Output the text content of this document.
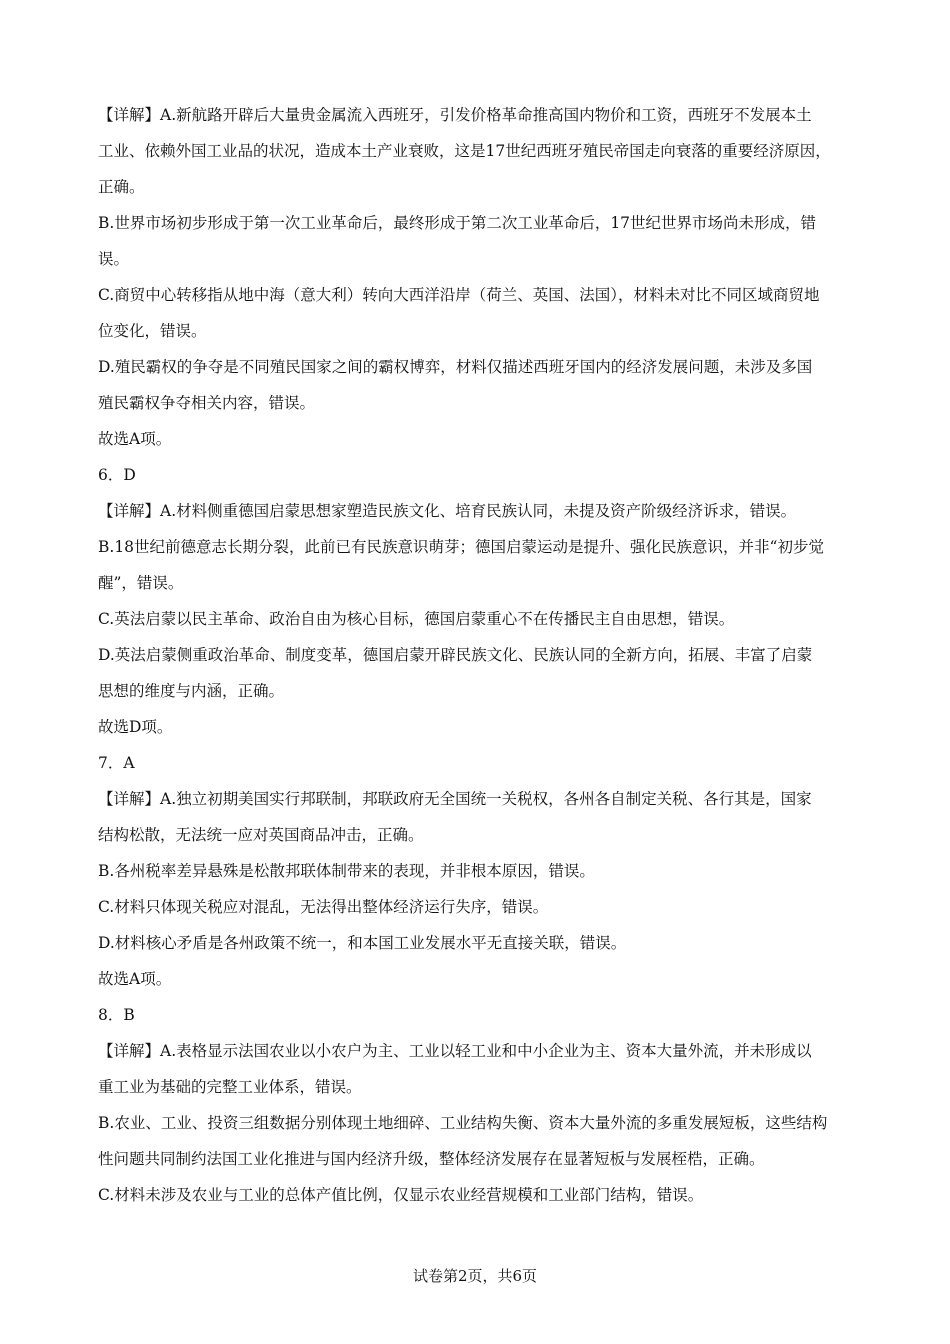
【详解】A.新航路开辟后大量贵金属流入西班牙，引发价格革命推高国内物价和工资，西班牙不发展本土
工业、依赖外国工业品的状况，造成本土产业衰败，这是17世纪西班牙殖民帝国走向衰落的重要经济原因，
正确。
B.世界市场初步形成于第一次工业革命后，最终形成于第二次工业革命后，17世纪世界市场尚未形成，错
误。
C.商贸中心转移指从地中海（意大利）转向大西洋沿岸（荷兰、英国、法国），材料未对比不同区域商贸地
位变化，错误。
D.殖民霸权的争夺是不同殖民国家之间的霸权博弈，材料仅描述西班牙国内的经济发展问题，未涉及多国
殖民霸权争夺相关内容，错误。
故选A项。
6．D
【详解】A.材料侧重德国启蒙思想家塑造民族文化、培育民族认同，未提及资产阶级经济诉求，错误。
B.18世纪前德意志长期分裂，此前已有民族意识萌芽；德国启蒙运动是提升、强化民族意识，并非“初步觉
醒”，错误。
C.英法启蒙以民主革命、政治自由为核心目标，德国启蒙重心不在传播民主自由思想，错误。
D.英法启蒙侧重政治革命、制度变革，德国启蒙开辟民族文化、民族认同的全新方向，拓展、丰富了启蒙
思想的维度与内涵，正确。
故选D项。
7．A
【详解】A.独立初期美国实行邦联制，邦联政府无全国统一关税权，各州各自制定关税、各行其是，国家
结构松散，无法统一应对英国商品冲击，正确。
B.各州税率差异悬殊是松散邦联体制带来的表现，并非根本原因，错误。
C.材料只体现关税应对混乱，无法得出整体经济运行失序，错误。
D.材料核心矛盾是各州政策不统一，和本国工业发展水平无直接关联，错误。
故选A项。
8．B
【详解】A.表格显示法国农业以小农户为主、工业以轻工业和中小企业为主、资本大量外流，并未形成以
重工业为基础的完整工业体系，错误。
B.农业、工业、投资三组数据分别体现土地细碎、工业结构失衡、资本大量外流的多重发展短板，这些结构
性问题共同制约法国工业化推进与国内经济升级，整体经济发展存在显著短板与发展桎梏，正确。
C.材料未涉及农业与工业的总体产值比例，仅显示农业经营规模和工业部门结构，错误。
试卷第2页，共6页
